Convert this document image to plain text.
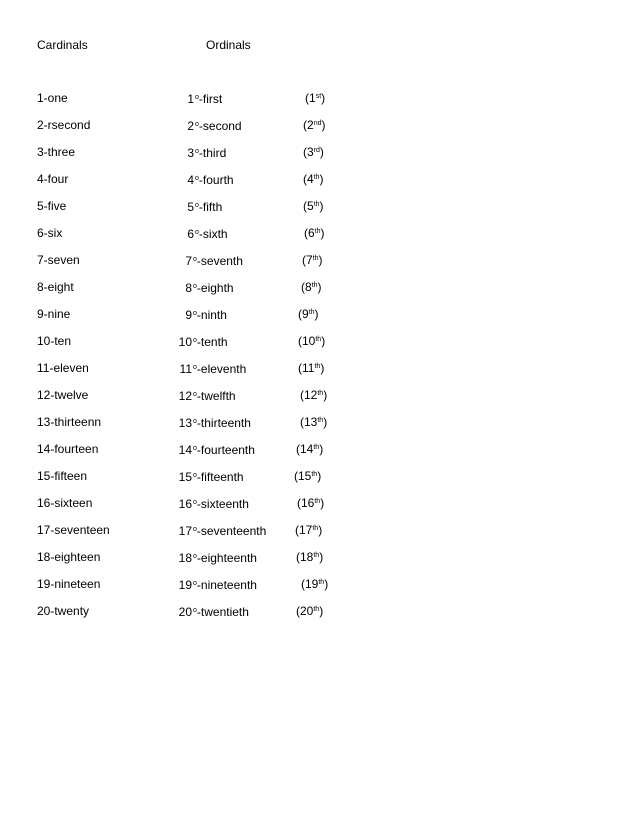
Cardinals	Ordinals
1-one	1$^o$-first	(1st)
2-rsecond	2$^o$-second	(2nd)
3-three	3$^o$-third	(3rd)
4-four	4$^o$-fourth	(4th)
5-five	5$^o$-fifth	(5th)
6-six	6$^o$-sixth	(6th)
7-seven	7$^o$-seventh	(7th)
8-eight	8$^o$-eighth	(8th)
9-nine	9$^o$-ninth	(9th)
10-ten	10$^o$-tenth	(10th)
11-eleven	11$^o$-eleventh	(11th)
12-twelve	12$^o$-twelfth	(12th)
13-thirteenn	13$^o$-thirteenth	(13th)
14-fourteen	14$^o$-fourteenth	(14th)
15-fifteen	15$^o$-fifteenth	(15th)
16-sixteen	16$^o$-sixteenth	(16th)
17-seventeen	17$^o$-seventeenth (17th)
18-eighteen	18$^o$-eighteenth	(18th)
19-nineteen	19$^o$-nineteenth	(19th)
20-twenty	20$^o$-twentieth	(20th)
